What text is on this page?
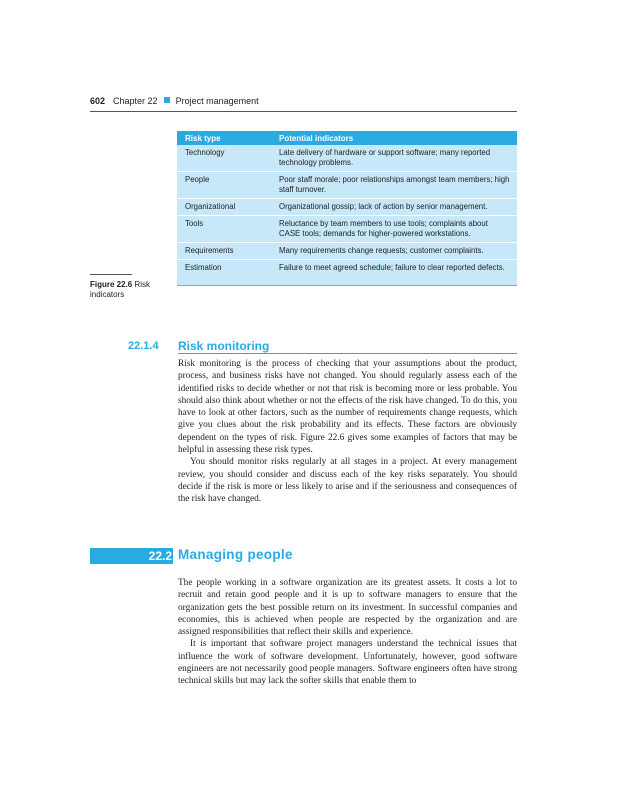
602 Chapter 22 Project management
Risk type	Potential indicators
Technology	Late delivery of hardware or support software; many reported technology problems.
People	Poor staff morale; poor relationships amongst team members; high staff turnover.
Organizational	Organizational gossip; lack of action by senior management.
Tools	Reluctance by team members to use tools; complaints about CASE tools; demands for higher-powered workstations.
Requirements	Many requirements change requests; customer complaints.
Estimation	Failure to meet agreed schedule; failure to clear reported defects.
Figure 22.6 Risk indicators
22.1.4 Risk monitoring

Risk monitoring is the process of checking that your assumptions about the product, process, and business risks have not changed. You should regularly assess each of the identified risks to decide whether or not that risk is becoming more or less probable. You should also think about whether or not the effects of the risk have changed. To do this, you have to look at other factors, such as the number of requirements change requests, which give you clues about the risk probability and its effects. These factors are obviously dependent on the types of risk. Figure 22.6 gives some examples of factors that may be helpful in assessing these risk types.

You should monitor risks regularly at all stages in a project. At every management review, you should consider and discuss each of the key risks separately. You should decide if the risk is more or less likely to arise and if the seriousness and consequences of the risk have changed.

22.2 Managing people

The people working in a software organization are its greatest assets. It costs a lot to recruit and retain good people and it is up to software managers to ensure that the organization gets the best possible return on its investment. In successful companies and economies, this is achieved when people are respected by the organization and are assigned responsibilities that reflect their skills and experience.

It is important that software project managers understand the technical issues that influence the work of software development. Unfortunately, however, good software engineers are not necessarily good people managers. Software engineers often have strong technical skills but may lack the softer skills that enable them to
